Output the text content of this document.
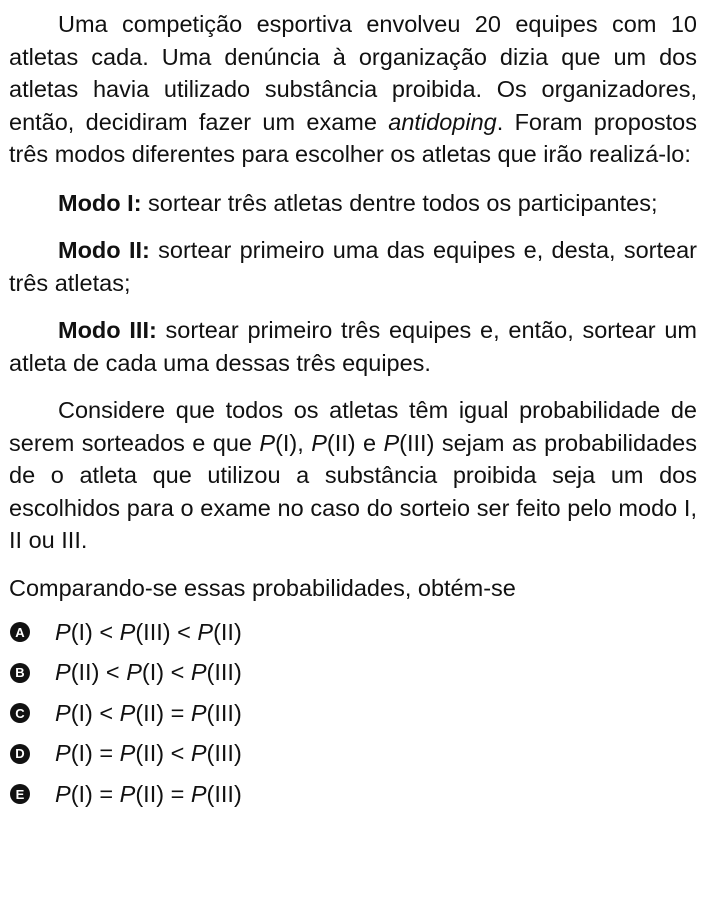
Uma competição esportiva envolveu 20 equipes com 10 atletas cada. Uma denúncia à organização dizia que um dos atletas havia utilizado substância proibida. Os organizadores, então, decidiram fazer um exame antidoping. Foram propostos três modos diferentes para escolher os atletas que irão realizá-lo:

Modo I: sortear três atletas dentre todos os participantes;

Modo II: sortear primeiro uma das equipes e, desta, sortear três atletas;

Modo III: sortear primeiro três equipes e, então, sortear um atleta de cada uma dessas três equipes.

Considere que todos os atletas têm igual probabilidade de serem sorteados e que P(I), P(II) e P(III) sejam as probabilidades de o atleta que utilizou a substância proibida seja um dos escolhidos para o exame no caso do sorteio ser feito pelo modo I, II ou III.

Comparando-se essas probabilidades, obtém-se

A P(I) < P(III) < P(II)
B P(II) < P(I) < P(III)
C P(I) < P(II) = P(III)
D P(I) = P(II) < P(III)
E P(I) = P(II) = P(III)
